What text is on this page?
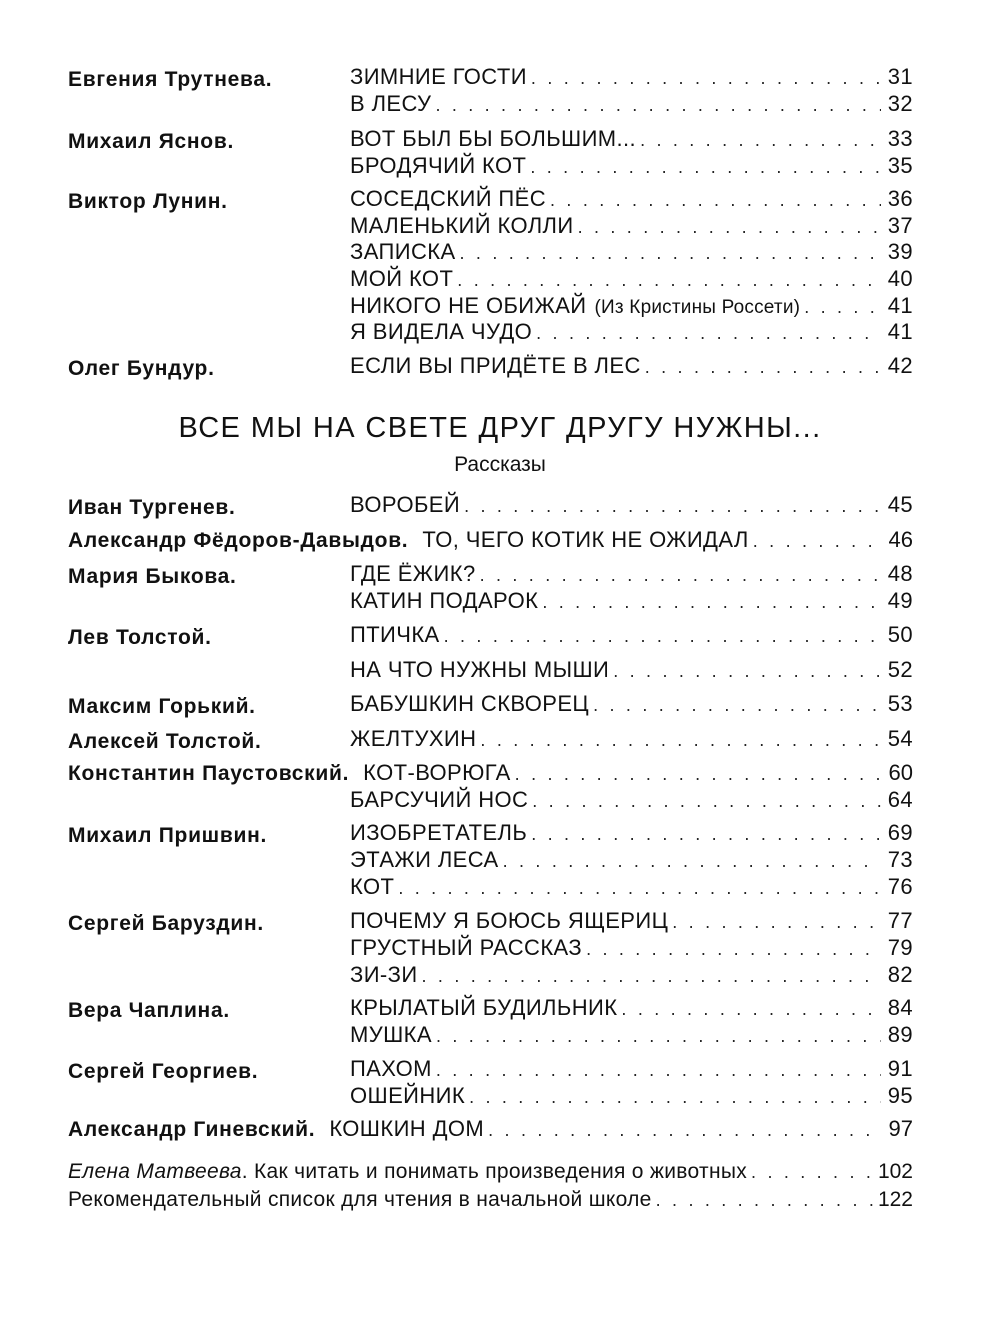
Евгения Трутнева.	ЗИМНИЕ ГОСТИ . . .	31
В ЛЕСУ . . .	32
Михаил Яснов.	ВОТ БЫЛ БЫ БОЛЬШИМ... . . .	33
БРОДЯЧИЙ КОТ . . .	35
Виктор Лунин.	СОСЕДСКИЙ ПЁС . . .	36
МАЛЕНЬКИЙ КОЛЛИ . . .	37
ЗАПИСКА . . .	39
МОЙ КОТ . . .	40
НИКОГО НЕ ОБИЖАЙ (Из Кристины Россети) . . .	41
Я ВИДЕЛА ЧУДО . . .	41
Олег Бундур.	ЕСЛИ ВЫ ПРИДЁТЕ В ЛЕС . . .	42
ВСЕ МЫ НА СВЕТЕ ДРУГ ДРУГУ НУЖНЫ...
Рассказы
Иван Тургенев.	ВОРОБЕЙ . . .	45
Александр Фёдоров-Давыдов. ТО, ЧЕГО КОТИК НЕ ОЖИДАЛ . . .	46
Мария Быкова.	ГДЕ ЁЖИК? . . .	48
КАТИН ПОДАРОК . . .	49
Лев Толстой.	ПТИЧКА . . .	50
НА ЧТО НУЖНЫ МЫШИ . . .	52
Максим Горький.	БАБУШКИН СКВОРЕЦ . . .	53
Алексей Толстой.	ЖЕЛТУХИН . . .	54
Константин Паустовский. КОТ-ВОРЮГА . . .	60
БАРСУЧИЙ НОС . . .	64
Михаил Пришвин.	ИЗОБРЕТАТЕЛЬ . . .	69
ЭТАЖИ ЛЕСА . . .	73
КОТ . . .	76
Сергей Баруздин.	ПОЧЕМУ Я БОЮСЬ ЯЩЕРИЦ . . .	77
ГРУСТНЫЙ РАССКАЗ . . .	79
ЗИ-ЗИ . . .	82
Вера Чаплина.	КРЫЛАТЫЙ БУДИЛЬНИК . . .	84
МУШКА . . .	89
Сергей Георгиев.	ПАХОМ . . .	91
ОШЕЙНИК . . .	95
Александр Гиневский. КОШКИН ДОМ . . .	97
Елена Матвеева. Как читать и понимать произведения о животных . . .	102
Рекомендательный список для чтения в начальной школе . . .	122
